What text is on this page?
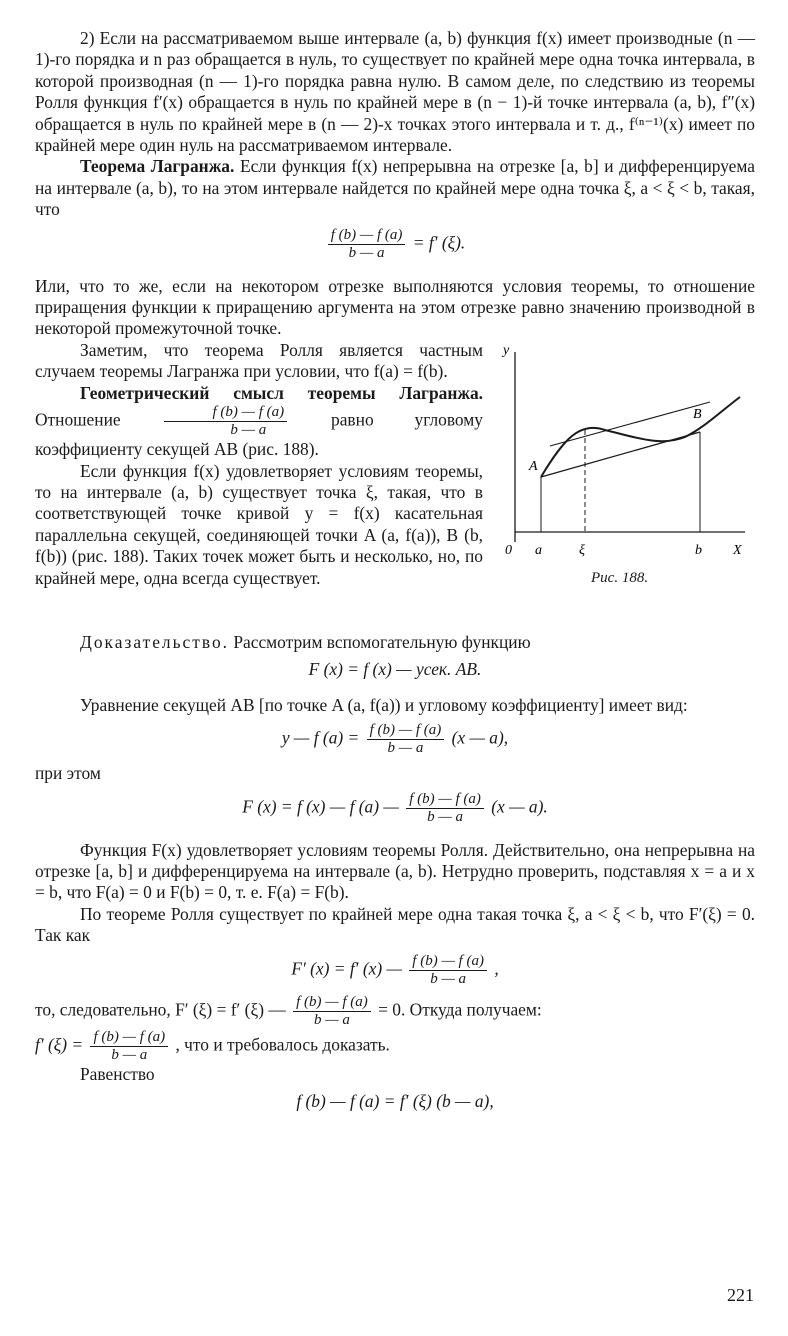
2) Если на рассматриваемом выше интервале (a, b) функция f(x) имеет производные (n — 1)-го порядка и n раз обращается в нуль, то существует по крайней мере одна точка интервала, в которой производная (n — 1)-го порядка равна нулю. В самом деле, по следствию из теоремы Ролля функция f′(x) обращается в нуль по крайней мере в (n − 1)-й точке интервала (a, b), f″(x) обращается в нуль по крайней мере в (n — 2)-х точках этого интервала и т. д., f⁽ⁿ⁻¹⁾(x) имеет по крайней мере один нуль на рассматриваемом интервале.

Теорема Лагранжа. Если функция f(x) непрерывна на отрезке [a, b] и дифференцируема на интервале (a, b), то на этом интервале найдется по крайней мере одна точка ξ, a < ξ < b, такая, что

$\frac{f (b) — f (a)}{b — a} = f'$ (ξ).

Или, что то же, если на некотором отрезке выполняются условия теоремы, то отношение приращения функции к приращению аргумента на этом отрезке равно значению производной в некоторой промежуточной точке.

y
0 a	ξ	b X
A
B
Рис. 188.

Заметим, что теорема Ролля является частным случаем теоремы Лагранжа при условии, что f(a) = f(b).

Геометрический смысл теоремы Лагранжа. Отношение	$\frac{f (b) — f (a)}{b — a}$	равно угловому коэффициенту секущей AB (рис. 188).

Если функция f(x) удовлетворяет условиям теоремы, то на интервале (a, b) существует точка ξ, такая, что в соответствующей точке кривой y = f(x) касательная параллельна секущей, соединяющей точки A (a, f(a)), B (b, f(b)) (рис. 188). Таких точек может быть и несколько, но, по крайней мере, одна всегда существует.

Доказательство. Рассмотрим вспомогательную функцию

F (x) = f (x) — yсек. AB.

Уравнение секущей AB [по точке A (a, f(a)) и угловому коэффициенту] имеет вид:

y — f $(a) = \frac{f (b) — f (a)}{b — a} (x$ — a),

при этом

F (x) = f (x) — f (a) — $\frac{f (b) — f (a)}{b — a} (x$ — a).

Функция F(x) удовлетворяет условиям теоремы Ролля. Действительно, она непрерывна на отрезке [a, b] и дифференцируема на интервале (a, b). Нетрудно проверить, подставляя x = a и x = b, что F(a) = 0 и F(b) = 0, т. е. F(a) = F(b).

По теореме Ролля существует по крайней мере одна такая точка ξ, a < ξ < b, что F′(ξ) = 0. Так как

F′ (x) = f′ (x) — $\frac{f (b) — f (a)}{b — a}$ ,

то, следовательно, F′ (ξ) = f′ (ξ) — $\frac{f (b) — f (a)}{b — a} = 0$. Откуда получаем:

f′ $(\xi) = \frac{f (b) — f (a)}{b — a}$ , что и требовалось доказать.

Равенство

f (b) — f (a) = f′ (ξ) (b — a),
221
